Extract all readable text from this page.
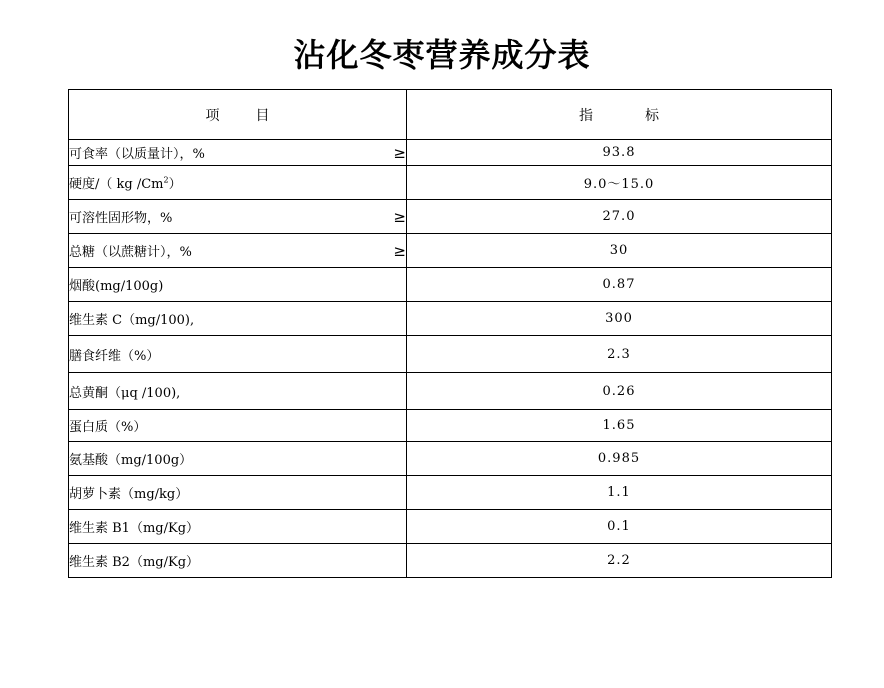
沾化冬枣营养成分表
项 目	指 标

可食率（以质量计），% ≥	93.8

硬度/（ kg /Cm$^2$）	9.0～15.0

可溶性固形物，% ≥	27.0

总糖（以蔗糖计），% ≥	30

烟酸(mg/100g)	0.87

维生素 C（mg/100),	300

膳食纤维（%）	2.3

总黄酮（μq /100),	0.26

蛋白质（%）	1.65

氨基酸（mg/100g）	0.985

胡萝卜素（mg/kg）	1.1

维生素 B1（mg/Kg）	0.1

维生素 B2（mg/Kg）	2.2
